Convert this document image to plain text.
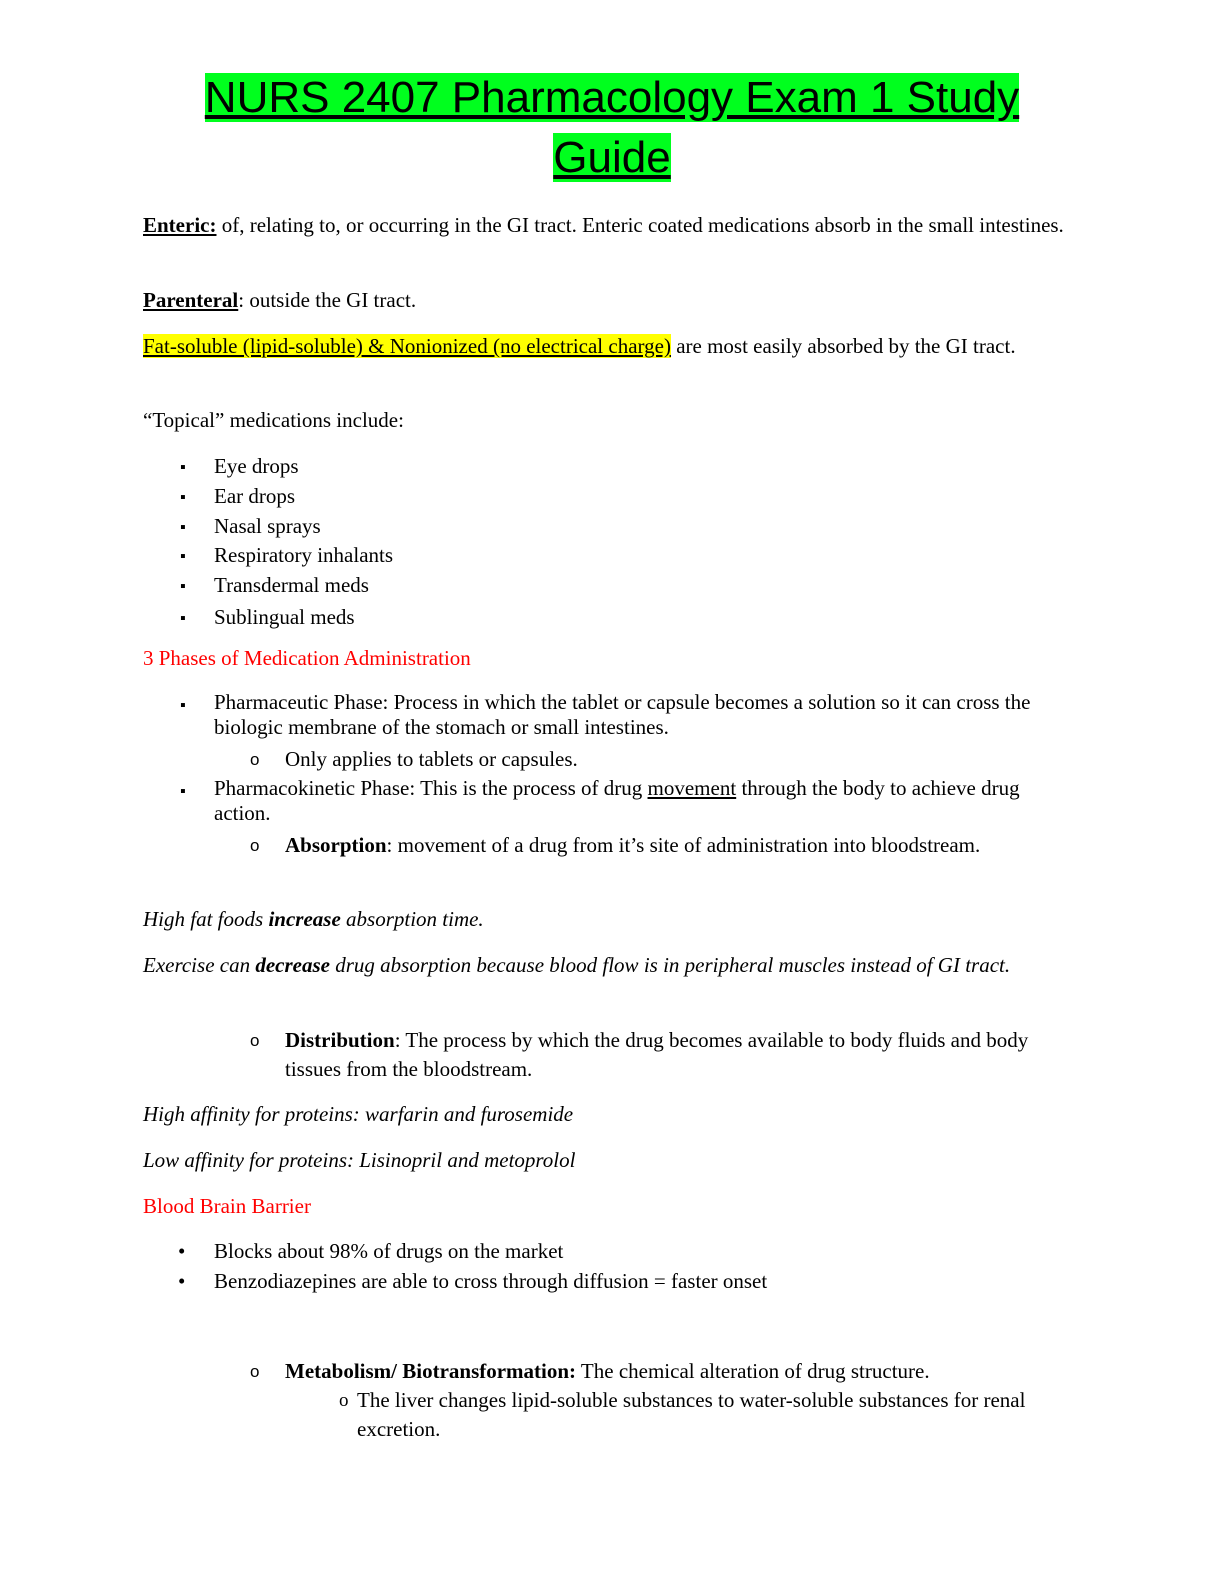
NURS 2407 Pharmacology Exam 1 Study
Guide
Enteric: of, relating to, or occurring in the GI tract. Enteric coated medications absorb in the small intestines.
Parenteral: outside the GI tract.
Fat-soluble (lipid-soluble) & Nonionized (no electrical charge) are most easily absorbed by the GI tract.
“Topical” medications include:
▪ Eye drops
▪ Ear drops
▪ Nasal sprays
▪ Respiratory inhalants
▪ Transdermal meds
▪ Sublingual meds
3 Phases of Medication Administration
▪ Pharmaceutic Phase: Process in which the tablet or capsule becomes a solution so it can cross the biologic membrane of the stomach or small intestines.
o Only applies to tablets or capsules.
▪ Pharmacokinetic Phase: This is the process of drug movement through the body to achieve drug action.
o Absorption: movement of a drug from it’s site of administration into bloodstream.
High fat foods increase absorption time.
Exercise can decrease drug absorption because blood flow is in peripheral muscles instead of GI tract.
o Distribution: The process by which the drug becomes available to body fluids and body tissues from the bloodstream.
High affinity for proteins: warfarin and furosemide
Low affinity for proteins: Lisinopril and metoprolol
Blood Brain Barrier
• Blocks about 98% of drugs on the market
• Benzodiazepines are able to cross through diffusion = faster onset
o Metabolism/ Biotransformation: The chemical alteration of drug structure.
o The liver changes lipid-soluble substances to water-soluble substances for renal excretion.
